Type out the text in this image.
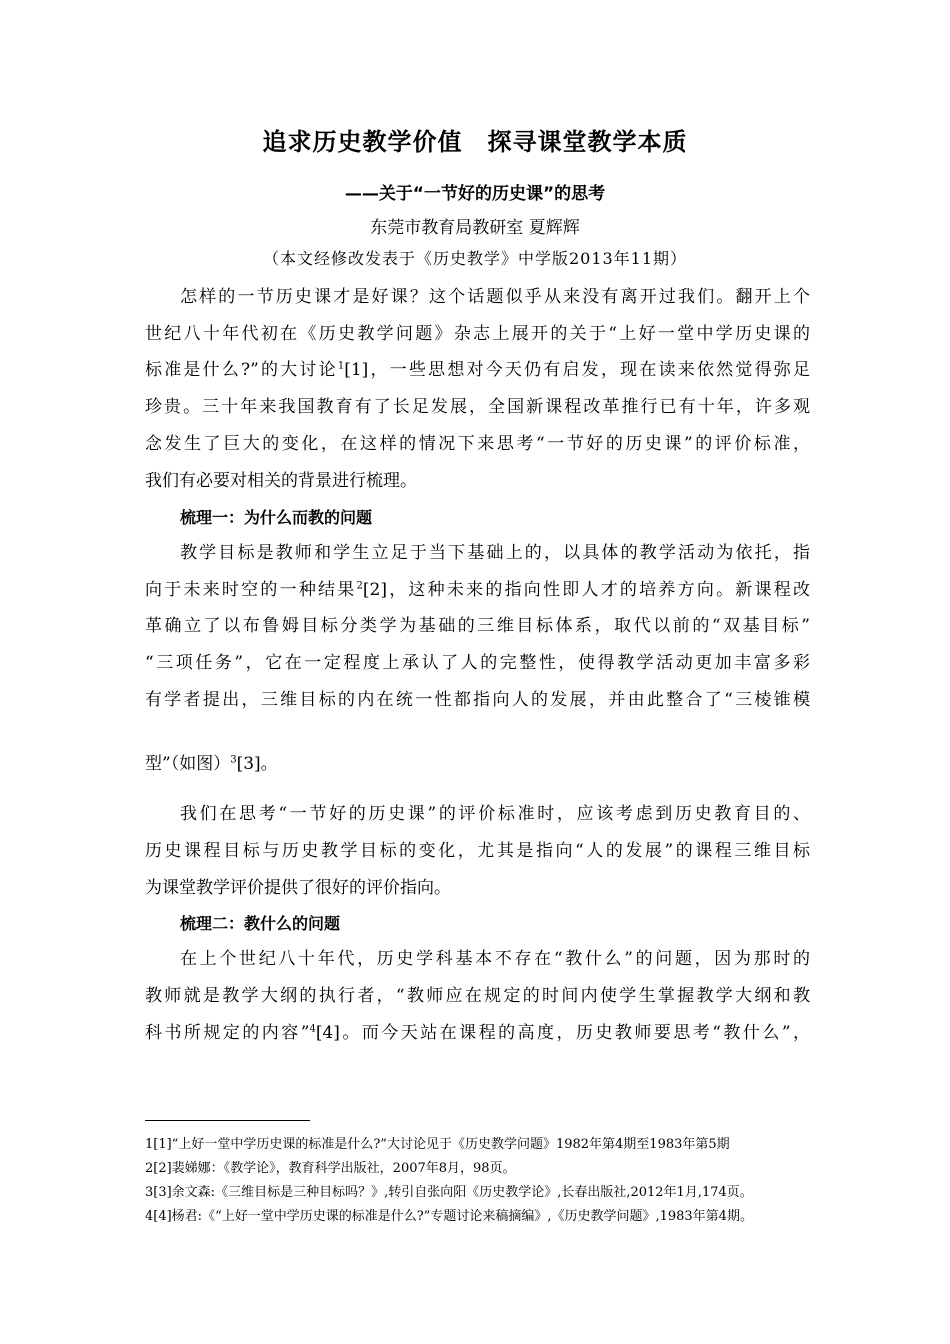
追求历史教学价值　探寻课堂教学本质
——关于“一节好的历史课”的思考
东莞市教育局教研室 夏辉辉
（本文经修改发表于《历史教学》中学版2013年11期）
怎样的一节历史课才是好课？这个话题似乎从来没有离开过我们。翻开上个
世纪八十年代初在《历史教学问题》杂志上展开的关于“上好一堂中学历史课的
标准是什么?”的大讨论$^1$[1]，一些思想对今天仍有启发，现在读来依然觉得弥足
珍贵。三十年来我国教育有了长足发展，全国新课程改革推行已有十年，许多观
念发生了巨大的变化，在这样的情况下来思考“一节好的历史课”的评价标准，
我们有必要对相关的背景进行梳理。
梳理一：为什么而教的问题
教学目标是教师和学生立足于当下基础上的，以具体的教学活动为依托，指
向于未来时空的一种结果$^2$[2]，这种未来的指向性即人才的培养方向。新课程改
革确立了以布鲁姆目标分类学为基础的三维目标体系，取代以前的“双基目标”
“三项任务”，它在一定程度上承认了人的完整性，使得教学活动更加丰富多彩
有学者提出，三维目标的内在统一性都指向人的发展，并由此整合了“三棱锥模
型”（如图）$^3$[3]。
我们在思考“一节好的历史课”的评价标准时，应该考虑到历史教育目的、
历史课程目标与历史教学目标的变化，尤其是指向“人的发展”的课程三维目标
为课堂教学评价提供了很好的评价指向。
梳理二：教什么的问题
在上个世纪八十年代，历史学科基本不存在“教什么”的问题，因为那时的
教师就是教学大纲的执行者，“教师应在规定的时间内使学生掌握教学大纲和教
科书所规定的内容”$^4$[4]。而今天站在课程的高度，历史教师要思考“教什么”，
1[1]“上好一堂中学历史课的标准是什么?”大讨论见于《历史教学问题》1982年第4期至1983年第5期
2[2]裴娣娜：《教学论》，教育科学出版社，2007年8月，98页。
3[3]余文森:《三维目标是三种目标吗？》,转引自张向阳《历史教学论》,长春出版社,2012年1月,174页。
4[4]杨君:《“上好一堂中学历史课的标准是什么?”专题讨论来稿摘编》,《历史教学问题》,1983年第4期。
